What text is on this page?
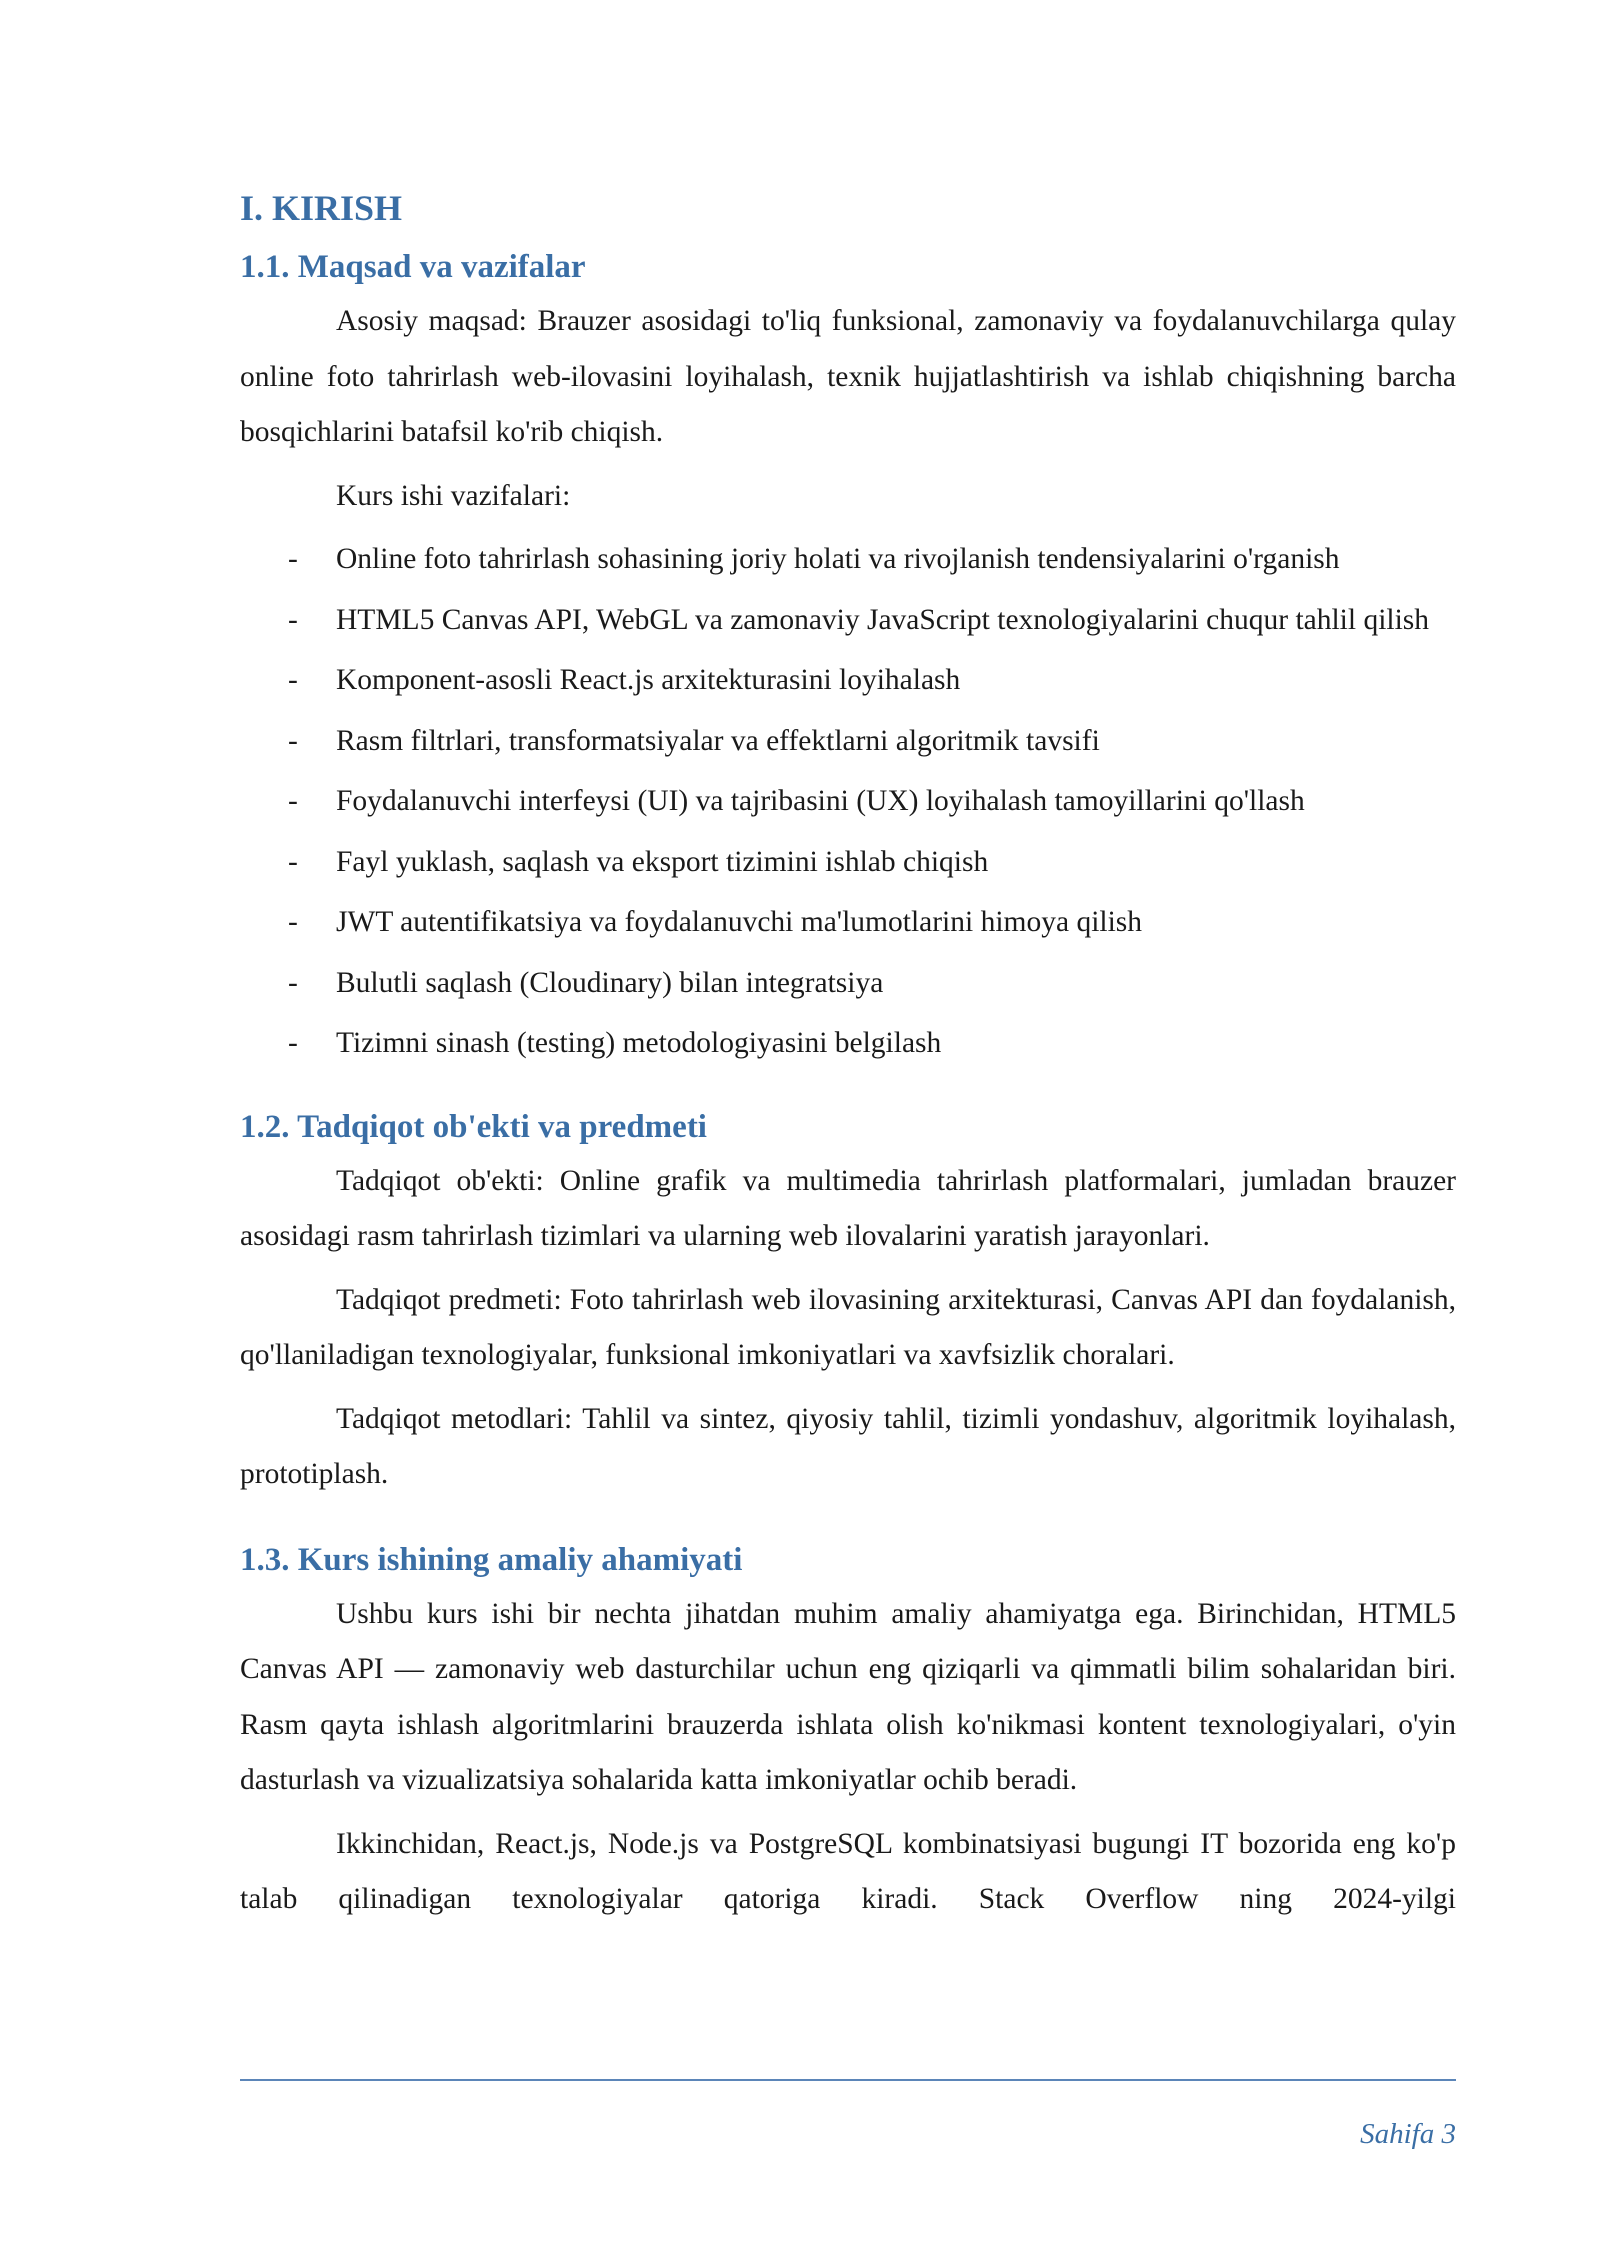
I. KIRISH
1.1. Maqsad va vazifalar

Asosiy maqsad: Brauzer asosidagi to'liq funksional, zamonaviy va foydalanuvchilarga qulay online foto tahrirlash web-ilovasini loyihalash, texnik hujjatlashtirish va ishlab chiqishning barcha bosqichlarini batafsil ko'rib chiqish.

Kurs ishi vazifalari:

- Online foto tahrirlash sohasining joriy holati va rivojlanish tendensiyalarini o'rganish
- HTML5 Canvas API, WebGL va zamonaviy JavaScript texnologiyalarini chuqur tahlil qilish
- Komponent-asosli React.js arxitekturasini loyihalash
- Rasm filtrlari, transformatsiyalar va effektlarni algoritmik tavsifi
- Foydalanuvchi interfeysi (UI) va tajribasini (UX) loyihalash tamoyillarini qo'llash
- Fayl yuklash, saqlash va eksport tizimini ishlab chiqish
- JWT autentifikatsiya va foydalanuvchi ma'lumotlarini himoya qilish
- Bulutli saqlash (Cloudinary) bilan integratsiya
- Tizimni sinash (testing) metodologiyasini belgilash
1.2. Tadqiqot ob'ekti va predmeti

Tadqiqot ob'ekti: Online grafik va multimedia tahrirlash platformalari, jumladan brauzer asosidagi rasm tahrirlash tizimlari va ularning web ilovalarini yaratish jarayonlari.

Tadqiqot predmeti: Foto tahrirlash web ilovasining arxitekturasi, Canvas API dan foydalanish, qo'llaniladigan texnologiyalar, funksional imkoniyatlari va xavfsizlik choralari.

Tadqiqot metodlari: Tahlil va sintez, qiyosiy tahlil, tizimli yondashuv, algoritmik loyihalash, prototiplash.

1.3. Kurs ishining amaliy ahamiyati

Ushbu kurs ishi bir nechta jihatdan muhim amaliy ahamiyatga ega. Birinchidan, HTML5 Canvas API — zamonaviy web dasturchilar uchun eng qiziqarli va qimmatli bilim sohalaridan biri. Rasm qayta ishlash algoritmlarini brauzerda ishlata olish ko'nikmasi kontent texnologiyalari, o'yin dasturlash va vizualizatsiya sohalarida katta imkoniyatlar ochib beradi.

Ikkinchidan, React.js, Node.js va PostgreSQL kombinatsiyasi bugungi IT bozorida eng ko'p talab qilinadigan texnologiyalar qatoriga kiradi. Stack Overflow ning 2024-yilgi

Sahifa 3
